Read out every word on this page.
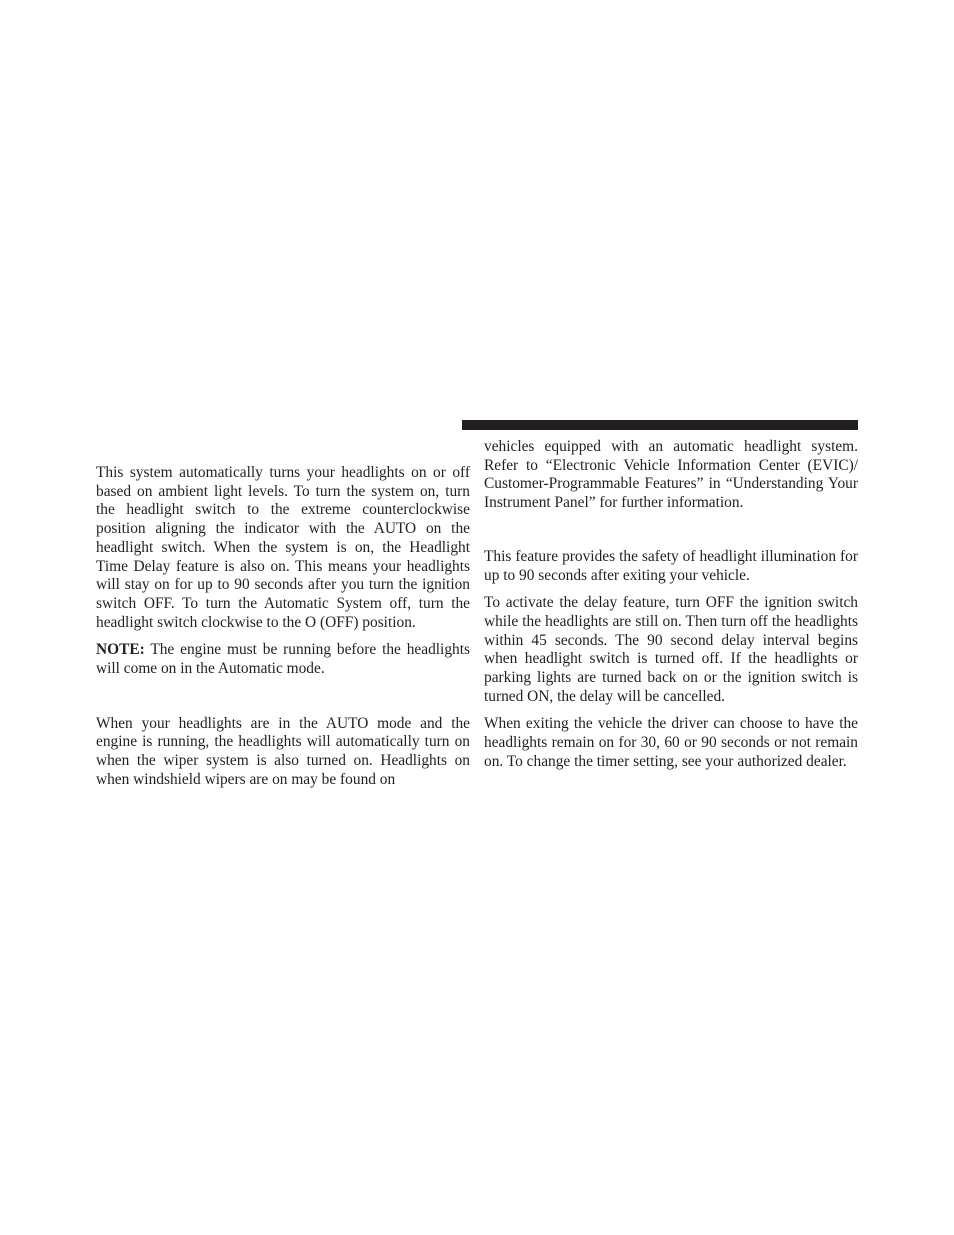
This system automatically turns your headlights on or off based on ambient light levels. To turn the system on, turn the headlight switch to the extreme counterclockwise position aligning the indicator with the AUTO on the headlight switch. When the system is on, the Headlight Time Delay feature is also on. This means your headlights will stay on for up to 90 seconds after you turn the ignition switch OFF. To turn the Automatic System off, turn the headlight switch clockwise to the O (OFF) position.

NOTE: The engine must be running before the headlights will come on in the Automatic mode.

When your headlights are in the AUTO mode and the engine is running, the headlights will automatically turn on when the wiper system is also turned on. Headlights on when windshield wipers are on may be found on

vehicles equipped with an automatic headlight system. Refer to “Electronic Vehicle Information Center (EVIC)/ Customer-Programmable Features” in “Understanding Your Instrument Panel” for further information.

This feature provides the safety of headlight illumination for up to 90 seconds after exiting your vehicle.

To activate the delay feature, turn OFF the ignition switch while the headlights are still on. Then turn off the headlights within 45 seconds. The 90 second delay interval begins when headlight switch is turned off. If the headlights or parking lights are turned back on or the ignition switch is turned ON, the delay will be cancelled.

When exiting the vehicle the driver can choose to have the headlights remain on for 30, 60 or 90 seconds or not remain on. To change the timer setting, see your authorized dealer.
